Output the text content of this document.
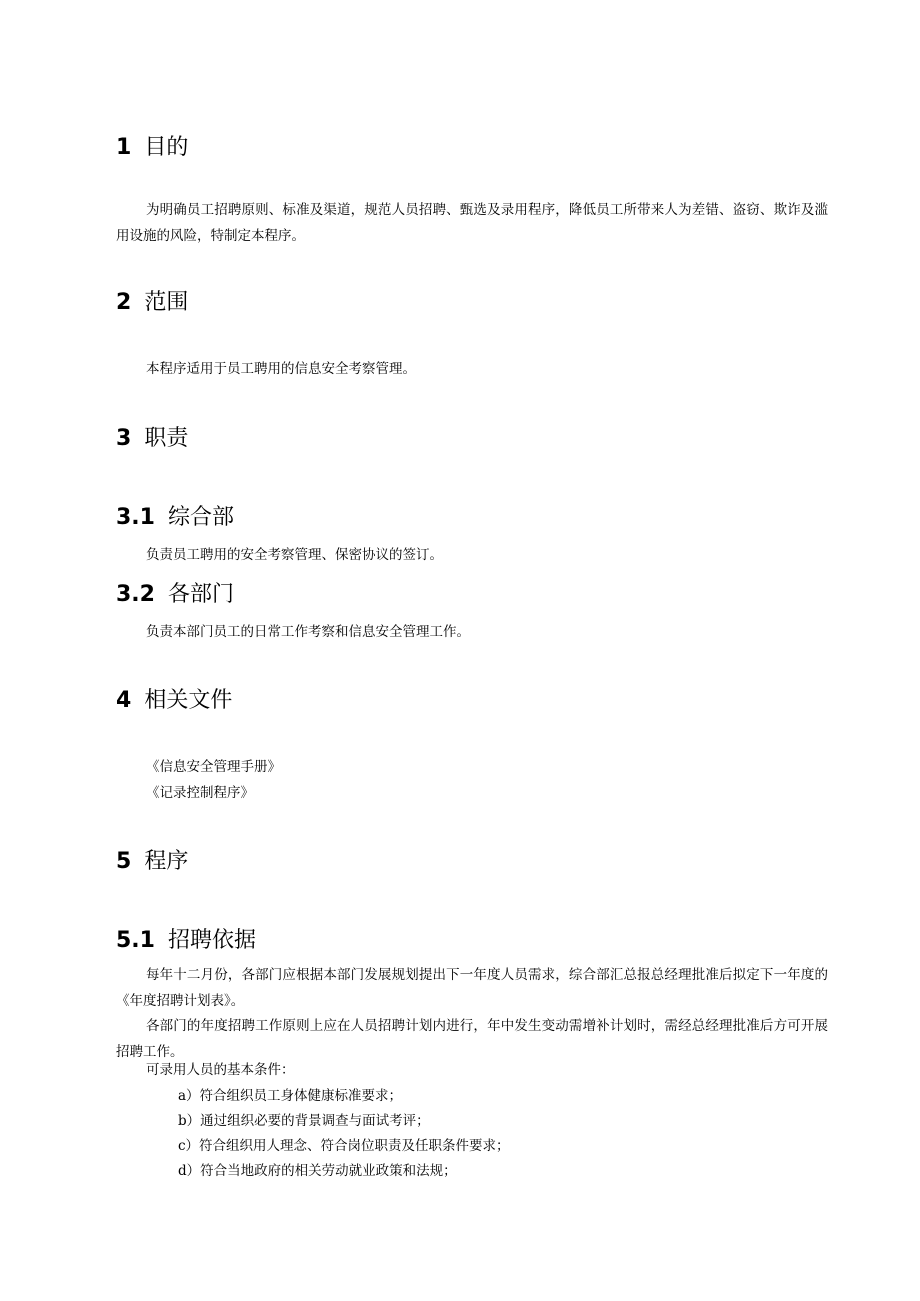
1 目的
为明确员工招聘原则、标准及渠道，规范人员招聘、甄选及录用程序，降低员工所带来人为差错、盗窃、欺诈及滥用设施的风险，特制定本程序。
2 范围
本程序适用于员工聘用的信息安全考察管理。
3 职责
3.1 综合部
负责员工聘用的安全考察管理、保密协议的签订。
3.2 各部门
负责本部门员工的日常工作考察和信息安全管理工作。
4 相关文件
《信息安全管理手册》
《记录控制程序》
5 程序
5.1 招聘依据
每年十二月份，各部门应根据本部门发展规划提出下一年度人员需求，综合部汇总报总经理批准后拟定下一年度的《年度招聘计划表》。
各部门的年度招聘工作原则上应在人员招聘计划内进行，年中发生变动需增补计划时，需经总经理批准后方可开展招聘工作。
可录用人员的基本条件：
a）符合组织员工身体健康标准要求；
b）通过组织必要的背景调查与面试考评；
c）符合组织用人理念、符合岗位职责及任职条件要求；
d）符合当地政府的相关劳动就业政策和法规；
